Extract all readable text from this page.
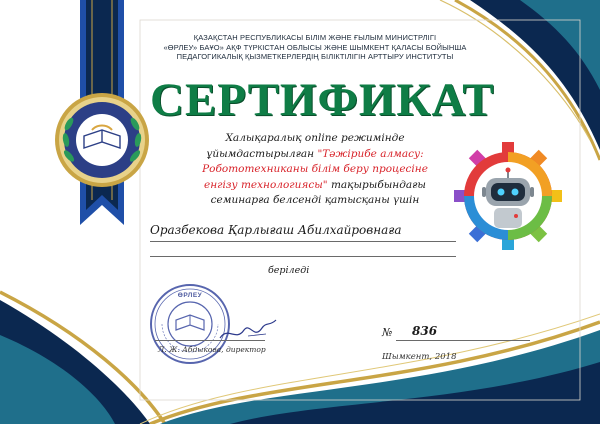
ӨРЛЕУ
ҚАЗАҚСТАН РЕСПУБЛИКАСЫ БІЛІМ ЖӘНЕ ҒЫЛЫМ МИНИСТРЛІГІ
«ӨРЛЕУ» БАҰО» АҚФ ТҮРКІСТАН ОБЛЫСЫ ЖӘНЕ ШЫМКЕНТ ҚАЛАСЫ БОЙЫНША
ПЕДАГОГИКАЛЫҚ ҚЫЗМЕТКЕРЛЕРДІҢ БІЛІКТІЛІГІН АРТТЫРУ ИНСТИТУТЫ
СЕРТИФИКАТ
Халықаралық online режимінде
ұйымдастырылған "Тәжірибе алмасу:
Робототехниканы білім беру процесіне
енгізу технологиясы" тақырыбындағы
семинарға белсенді қатысқаны үшін
Оразбекова Қарлығаш Абилхайровнаға
берiледi
ӨРЛЕУ
Л. Ж. Абдыкова, директор
№ 836
Шымкент, 2018
